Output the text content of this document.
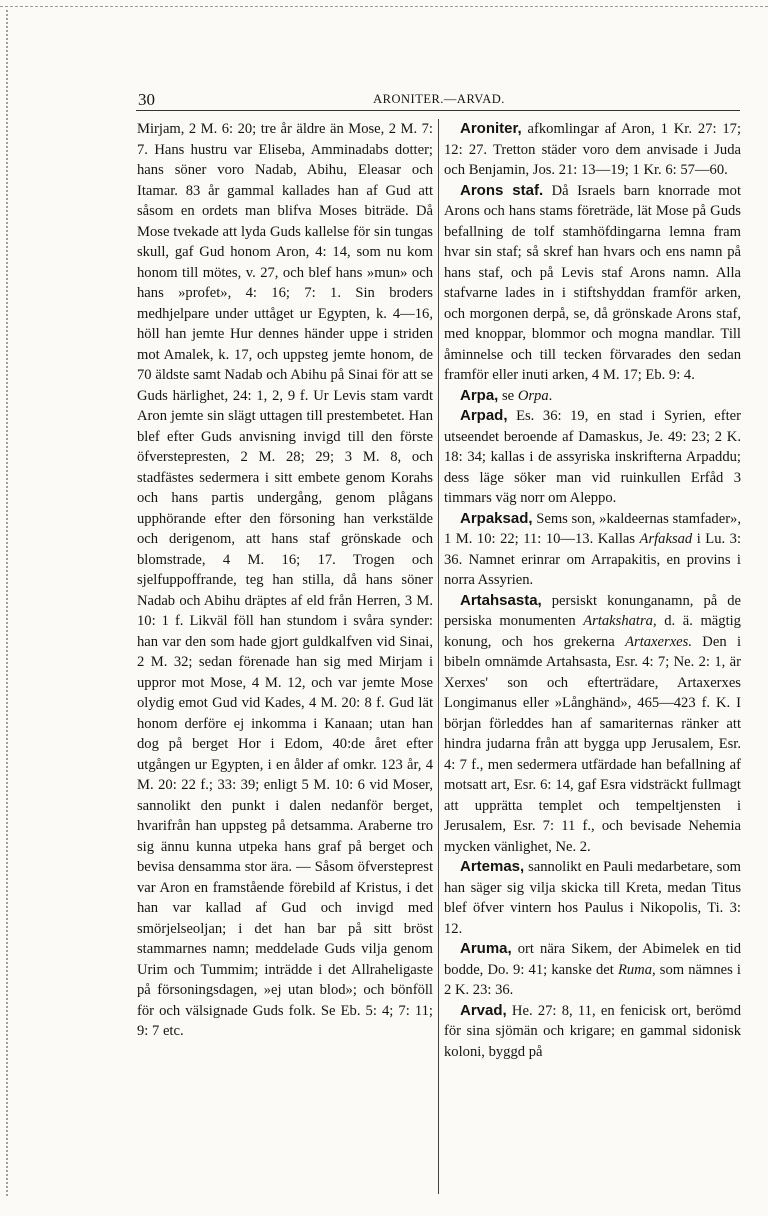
30	ARONITER.—ARVAD.

Mirjam, 2 M. 6: 20; tre år äldre än Mose, 2 M. 7: 7. Hans hustru var Eliseba, Amminadabs dotter; hans söner voro Nadab, Abihu, Eleasar och Itamar. 83 år gammal kallades han af Gud att såsom en ordets man blifva Moses biträde. Då Mose tvekade att lyda Guds kallelse för sin tungas skull, gaf Gud honom Aron, 4: 14, som nu kom honom till mötes, v. 27, och blef hans »mun» och hans »profet», 4: 16; 7: 1. Sin broders medhjelpare under uttåget ur Egypten, k. 4—16, höll han jemte Hur dennes händer uppe i striden mot Amalek, k. 17, och uppsteg jemte honom, de 70 äldste samt Nadab och Abihu på Sinai för att se Guds härlighet, 24: 1, 2, 9 f. Ur Levis stam vardt Aron jemte sin slägt uttagen till prestembetet. Han blef efter Guds anvisning invigd till den förste öfverstepresten, 2 M. 28; 29; 3 M. 8, och stadfästes sedermera i sitt embete genom Korahs och hans partis undergång, genom plågans upphörande efter den försoning han verkstälde och derigenom, att hans staf grönskade och blomstrade, 4 M. 16; 17. Trogen och sjelfuppoffrande, teg han stilla, då hans söner Nadab och Abihu dräptes af eld från Herren, 3 M. 10: 1 f. Likväl föll han stundom i svåra synder: han var den som hade gjort guldkalfven vid Sinai, 2 M. 32; sedan förenade han sig med Mirjam i uppror mot Mose, 4 M. 12, och var jemte Mose olydig emot Gud vid Kades, 4 M. 20: 8 f. Gud lät honom derföre ej inkomma i Kanaan; utan han dog på berget Hor i Edom, 40:de året efter utgången ur Egypten, i en ålder af omkr. 123 år, 4 M. 20: 22 f.; 33: 39; enligt 5 M. 10: 6 vid Moser, sannolikt den punkt i dalen nedanför berget, hvarifrån han uppsteg på detsamma. Araberne tro sig ännu kunna utpeka hans graf på berget och bevisa densamma stor ära. — Såsom öfversteprest var Aron en framstående förebild af Kristus, i det han var kallad af Gud och invigd med smörjelseoljan; i det han bar på sitt bröst stammarnes namn; meddelade Guds vilja genom Urim och Tummim; inträdde i det Allraheligaste på försoningsdagen, »ej utan blod»; och bönföll för och välsignade Guds folk. Se Eb. 5: 4; 7: 11; 9: 7 etc.

Aroniter, afkomlingar af Aron, 1 Kr. 27: 17; 12: 27. Tretton städer voro dem anvisade i Juda och Benjamin, Jos. 21: 13—19; 1 Kr. 6: 57—60.

Arons staf. Då Israels barn knorrade mot Arons och hans stams företräde, lät Mose på Guds befallning de tolf stamhöfdingarna lemna fram hvar sin staf; så skref han hvars och ens namn på hans staf, och på Levis staf Arons namn. Alla stafvarne lades in i stiftshyddan framför arken, och morgonen derpå, se, då grönskade Arons staf, med knoppar, blommor och mogna mandlar. Till åminnelse och till tecken förvarades den sedan framför eller inuti arken, 4 M. 17; Eb. 9: 4.

Arpa, se Orpa.

Arpad, Es. 36: 19, en stad i Syrien, efter utseendet beroende af Damaskus, Je. 49: 23; 2 K. 18: 34; kallas i de assyriska inskrifterna Arpaddu; dess läge söker man vid ruinkullen Erfåd 3 timmars väg norr om Aleppo.

Arpaksad, Sems son, »kaldeernas stamfader», 1 M. 10: 22; 11: 10—13. Kallas Arfaksad i Lu. 3: 36. Namnet erinrar om Arrapakitis, en provins i norra Assyrien.

Artahsasta, persiskt konunganamn, på de persiska monumenten Artakshatra, d. ä. mägtig konung, och hos grekerna Artaxerxes. Den i bibeln omnämde Artahsasta, Esr. 4: 7; Ne. 2: 1, är Xerxes' son och efterträdare, Artaxerxes Longimanus eller »Långhänd», 465—423 f. K. I början förleddes han af samariternas ränker att hindra judarna från att bygga upp Jerusalem, Esr. 4: 7 f., men sedermera utfärdade han befallning af motsatt art, Esr. 6: 14, gaf Esra vidsträckt fullmagt att upprätta templet och tempeltjensten i Jerusalem, Esr. 7: 11 f., och bevisade Nehemia mycken vänlighet, Ne. 2.

Artemas, sannolikt en Pauli medarbetare, som han säger sig vilja skicka till Kreta, medan Titus blef öfver vintern hos Paulus i Nikopolis, Ti. 3: 12.

Aruma, ort nära Sikem, der Abimelek en tid bodde, Do. 9: 41; kanske det Ruma, som nämnes i 2 K. 23: 36.

Arvad, He. 27: 8, 11, en fenicisk ort, berömd för sina sjömän och krigare; en gammal sidonisk koloni, byggd på
